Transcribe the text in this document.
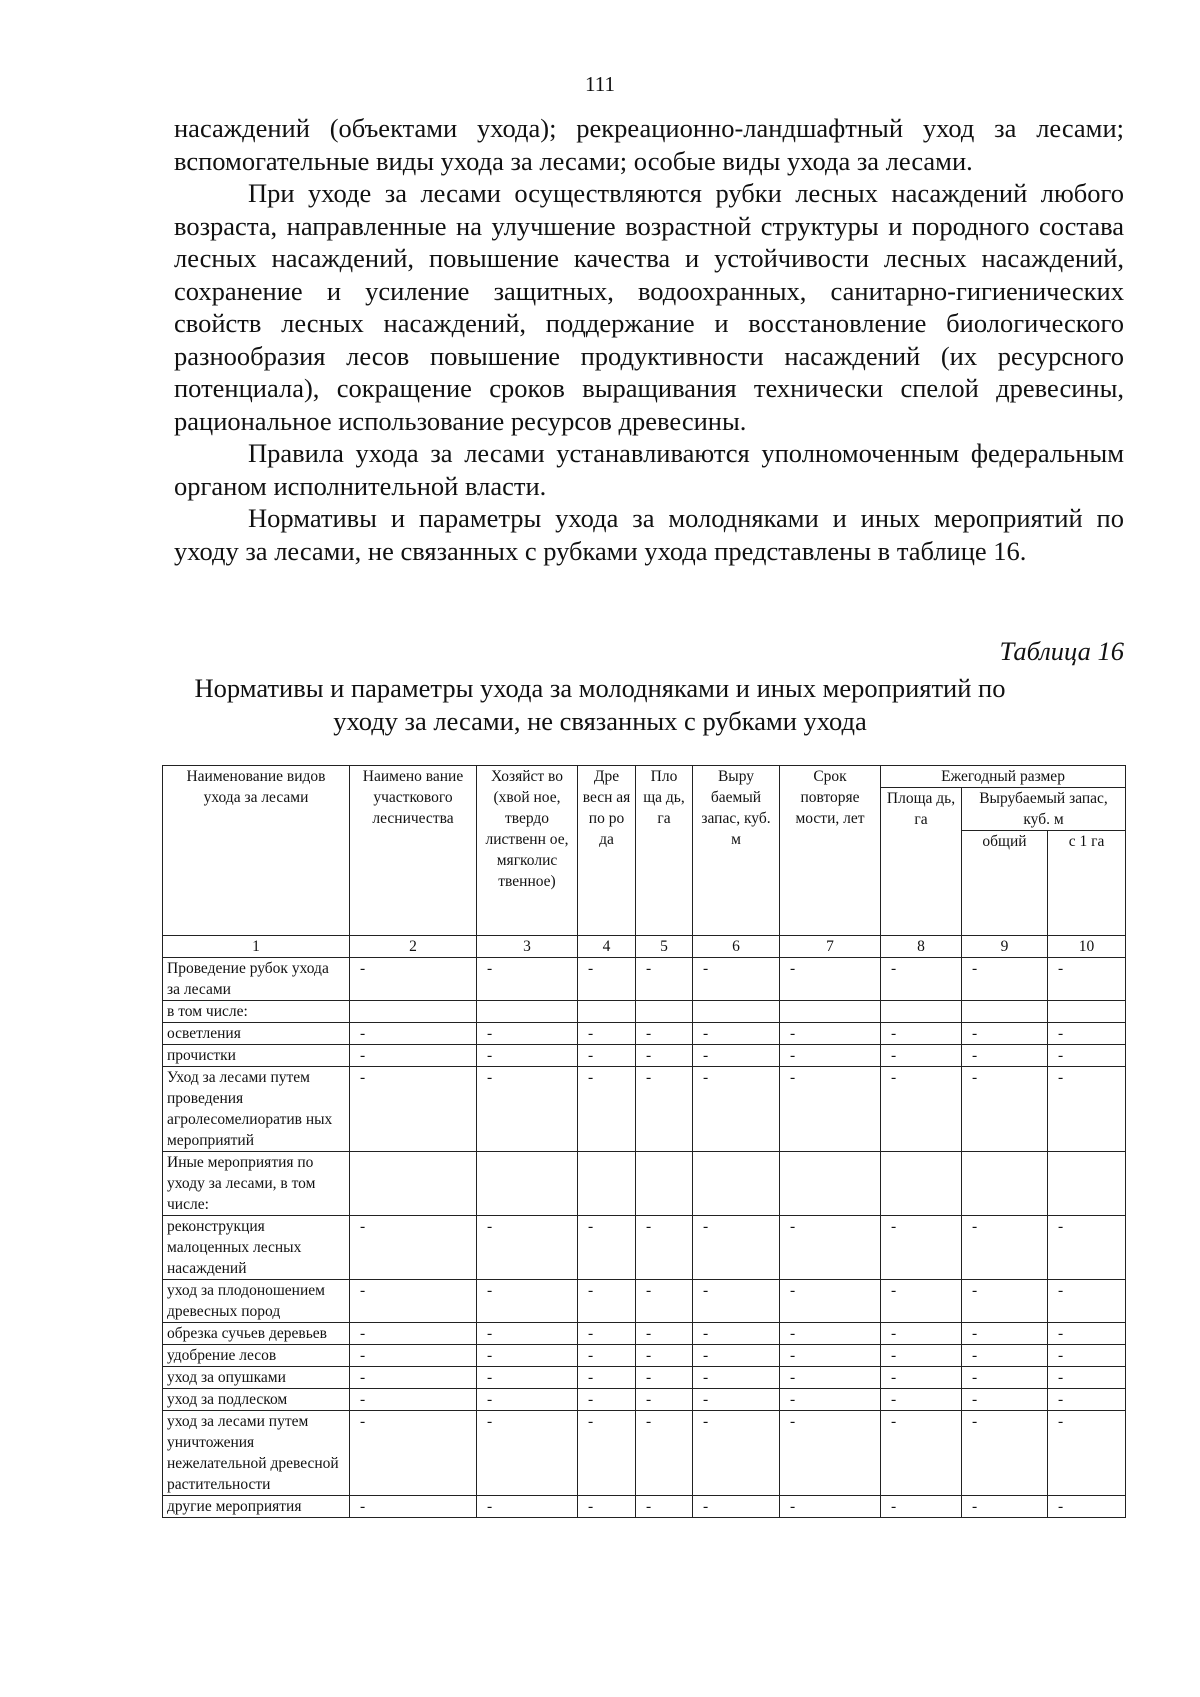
111

насаждений (объектами ухода); рекреационно-ландшафтный уход за лесами; вспомогательные виды ухода за лесами; особые виды ухода за лесами.

При уходе за лесами осуществляются рубки лесных насаждений любого возраста, направленные на улучшение возрастной структуры и породного состава лесных насаждений, повышение качества и устойчивости лесных насаждений, сохранение и усиление защитных, водоохранных, санитарно-гигиенических свойств лесных насаждений, поддержание и восстановление биологического разнообразия лесов повышение продуктивности насаждений (их ресурсного потенциала), сокращение сроков выращивания технически спелой древесины, рациональное использование ресурсов древесины.

Правила ухода за лесами устанавливаются уполномоченным федеральным органом исполнительной власти.

Нормативы и параметры ухода за молодняками и иных мероприятий по уходу за лесами, не связанных с рубками ухода представлены в таблице 16.

Таблица 16
Нормативы и параметры ухода за молодняками и иных мероприятий по
уходу за лесами, не связанных с рубками ухода
Наименование видов ухода за лесами	Наимено вание участкового лесничества	Хозяйст во (хвой ное, твердо лиственн ое, мягколис твенное)	Дре весн ая по ро да	Пло ща дь, га	Выру баемый запас, куб. м	Срок повторяе мости, лет	Ежегодный размер		
							Площа дь, га	Вырубаемый запас, куб. м	
								общий	с 1 га
1	2	3	4	5	6	7	8	9	10
Проведение рубок ухода за лесами	-	-	-	-	-	-	-	-	-
в том числе:									
осветления	-	-	-	-	-	-	-	-	-
прочистки	-	-	-	-	-	-	-	-	-
Уход за лесами путем проведения агролесомелиоратив ных мероприятий	-	-	-	-	-	-	-	-	-
Иные мероприятия по уходу за лесами, в том числе:									
реконструкция малоценных лесных насаждений	-	-	-	-	-	-	-	-	-
уход за плодоношением древесных пород	-	-	-	-	-	-	-	-	-
обрезка сучьев деревьев	-	-	-	-	-	-	-	-	-
удобрение лесов	-	-	-	-	-	-	-	-	-
уход за опушками	-	-	-	-	-	-	-	-	-
уход за подлеском	-	-	-	-	-	-	-	-	-
уход за лесами путем уничтожения нежелательной древесной растительности	-	-	-	-	-	-	-	-	-
другие мероприятия	-	-	-	-	-	-	-	-	-
